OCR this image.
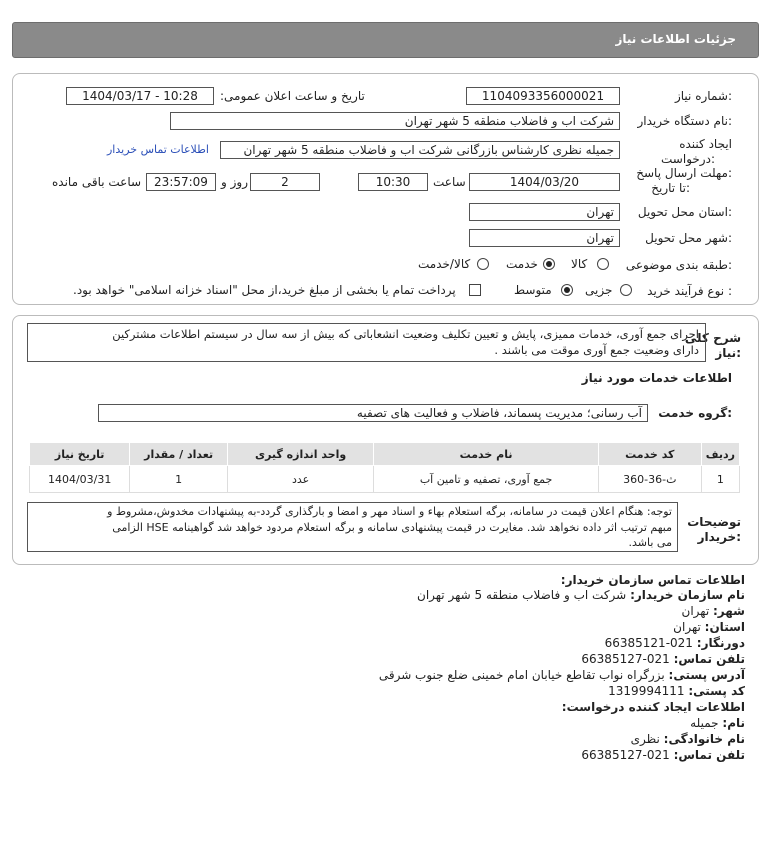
جزئیات اطلاعات نیاز
شماره نیاز:
1104093356000021
تاریخ و ساعت اعلان عمومی:
1404/03/17 - 10:28
نام دستگاه خریدار:
شرکت اب و فاضلاب منطقه 5 شهر تهران
ایجاد کننده
درخواست:
جمیله نظری کارشناس بازرگانی شرکت اب و فاضلاب منطقه 5 شهر تهران
اطلاعات تماس خریدار
مهلت ارسال پاسخ:
تا تاریخ:
1404/03/20
ساعت
10:30
2
روز و
23:57:09
ساعت باقی مانده
استان محل تحویل:
تهران
شهر محل تحویل:
تهران
طبقه بندی موضوعی:
کالا
خدمت
کالا/خدمت
نوع فرآیند خرید :
جزیی
متوسط
پرداخت تمام یا بخشی از مبلغ خرید،از محل "اسناد خزانه اسلامی" خواهد بود.
شرح کلی
نیاز:
اجرای جمع آوری، خدمات ممیزی، پایش و تعیین تکلیف وضعیت انشعاباتی که بیش از سه سال در سیستم اطلاعات مشترکین
دارای وضعیت جمع آوری موقت می باشند .
اطلاعات خدمات مورد نیاز
گروه خدمت:
آب رسانی؛ مدیریت پسماند، فاضلاب و فعالیت های تصفیه
ردیف	کد خدمت	نام خدمت	واحد اندازه گیری	تعداد / مقدار	تاریخ نیاز
1	ث-36-360	جمع آوری، تصفیه و تامین آب	عدد	1	1404/03/31
توضیحات
خریدار:
توجه: هنگام اعلان قیمت در سامانه، برگه استعلام بهاء و اسناد مهر و امضا و بارگذاری گردد-به پیشنهادات مخدوش،مشروط و
مبهم ترتیب اثر داده نخواهد شد. مغایرت در قیمت پیشنهادی سامانه و برگه استعلام مردود خواهد شد گواهینامه HSE الزامی
می باشد.
اطلاعات تماس سازمان خریدار:
نام سازمان خریدار: شرکت اب و فاضلاب منطقه 5 شهر تهران
شهر: تهران
استان: تهران
دورنگار: 021-66385121
تلفن تماس: 021-66385127
آدرس پستی: بزرگراه نواب تقاطع خیابان امام خمینی ضلع جنوب شرقی
کد پستی: 1319994111
اطلاعات ایجاد کننده درخواست:
نام: جمیله
نام خانوادگی: نظری
تلفن تماس: 021-66385127
